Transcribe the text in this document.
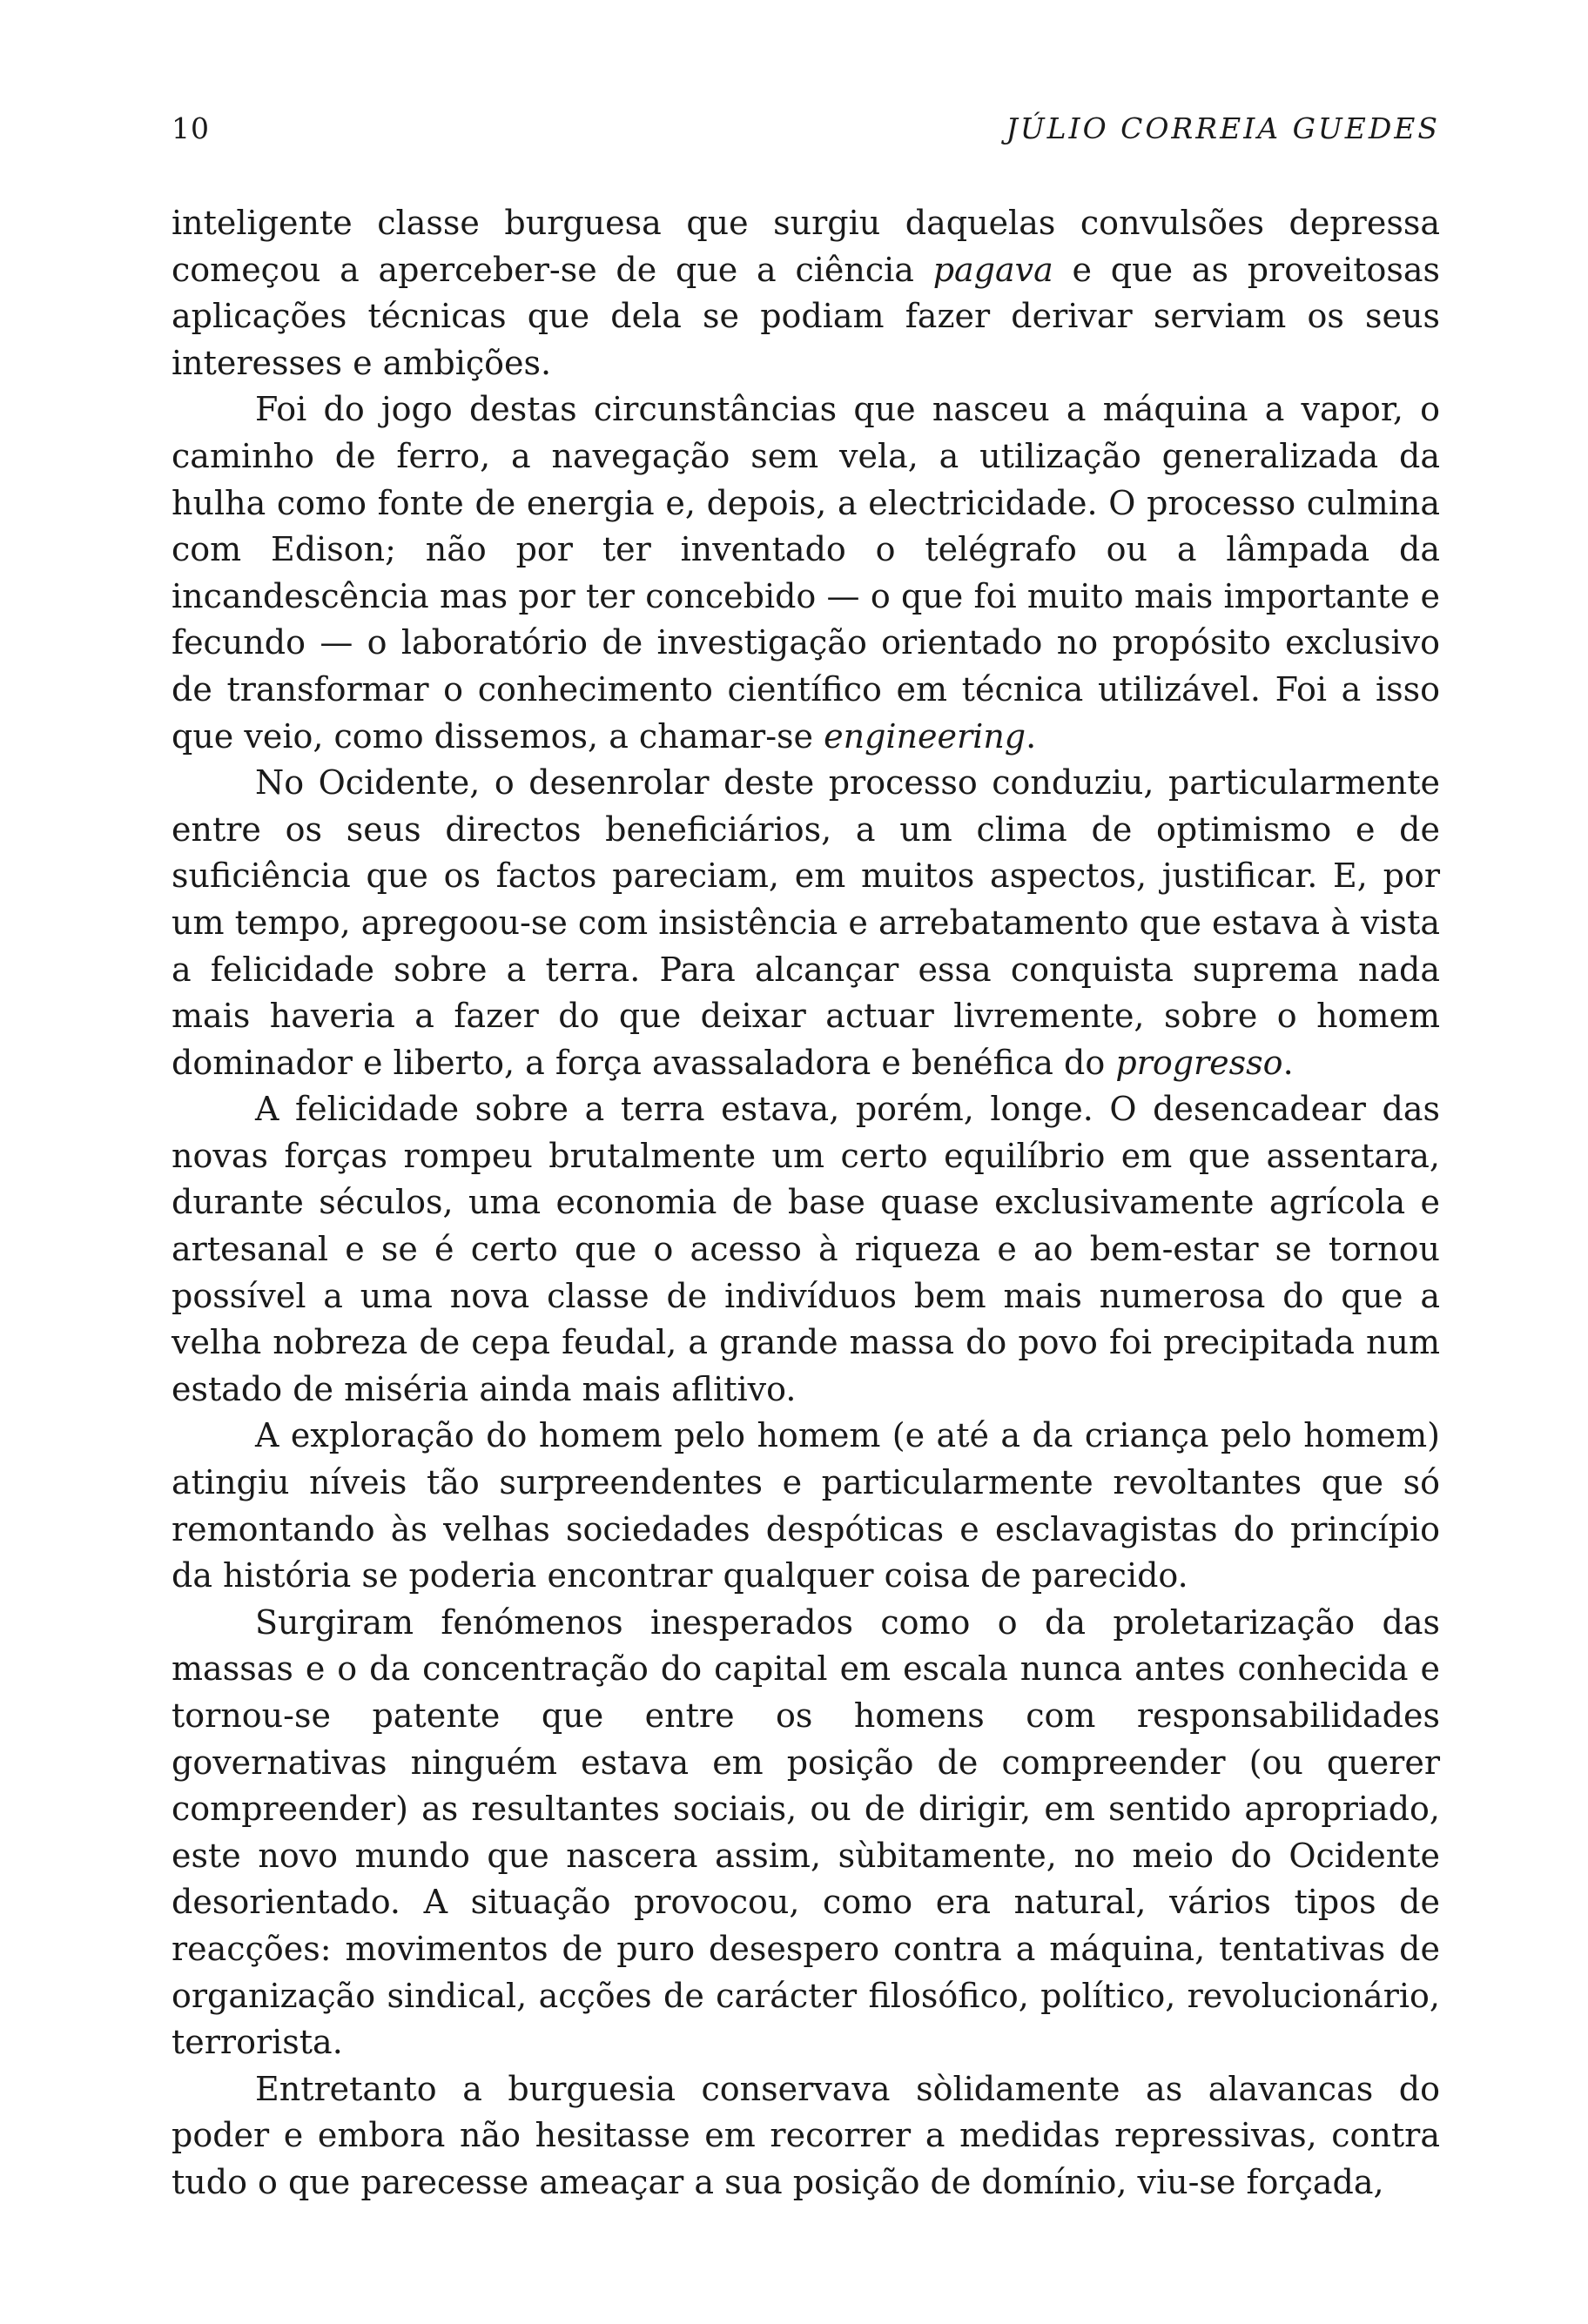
10	JÚLIO CORREIA GUEDES

inteligente classe burguesa que surgiu daquelas convulsões depressa começou a aperceber-se de que a ciência pagava e que as proveitosas aplicações técnicas que dela se podiam fazer derivar serviam os seus interesses e ambições.

Foi do jogo destas circunstâncias que nasceu a máquina a vapor, o caminho de ferro, a navegação sem vela, a utilização generalizada da hulha como fonte de energia e, depois, a electricidade. O processo culmina com Edison; não por ter inventado o telégrafo ou a lâmpada da incandescência mas por ter concebido — o que foi muito mais importante e fecundo — o laboratório de investigação orientado no propósito exclusivo de transformar o conhecimento científico em técnica utilizável. Foi a isso que veio, como dissemos, a chamar-se engineering.

No Ocidente, o desenrolar deste processo conduziu, particularmente entre os seus directos beneficiários, a um clima de optimismo e de suficiência que os factos pareciam, em muitos aspectos, justificar. E, por um tempo, apregoou-se com insistência e arrebatamento que estava à vista a felicidade sobre a terra. Para alcançar essa conquista suprema nada mais haveria a fazer do que deixar actuar livremente, sobre o homem dominador e liberto, a força avassaladora e benéfica do progresso.

A felicidade sobre a terra estava, porém, longe. O desencadear das novas forças rompeu brutalmente um certo equilíbrio em que assentara, durante séculos, uma economia de base quase exclusivamente agrícola e artesanal e se é certo que o acesso à riqueza e ao bem-estar se tornou possível a uma nova classe de indivíduos bem mais numerosa do que a velha nobreza de cepa feudal, a grande massa do povo foi precipitada num estado de miséria ainda mais aflitivo.

A exploração do homem pelo homem (e até a da criança pelo homem) atingiu níveis tão surpreendentes e particularmente revoltantes que só remontando às velhas sociedades despóticas e esclavagistas do princípio da história se poderia encontrar qualquer coisa de parecido.

Surgiram fenómenos inesperados como o da proletarização das massas e o da concentração do capital em escala nunca antes conhecida e tornou-se patente que entre os homens com responsabilidades governativas ninguém estava em posição de compreender (ou querer compreender) as resultantes sociais, ou de dirigir, em sentido apropriado, este novo mundo que nascera assim, sùbitamente, no meio do Ocidente desorientado. A situação provocou, como era natural, vários tipos de reacções: movimentos de puro desespero contra a máquina, tentativas de organização sindical, acções de carácter filosófico, político, revolucionário, terrorista.

Entretanto a burguesia conservava sòlidamente as alavancas do poder e embora não hesitasse em recorrer a medidas repressivas, contra tudo o que parecesse ameaçar a sua posição de domínio, viu-se forçada,
